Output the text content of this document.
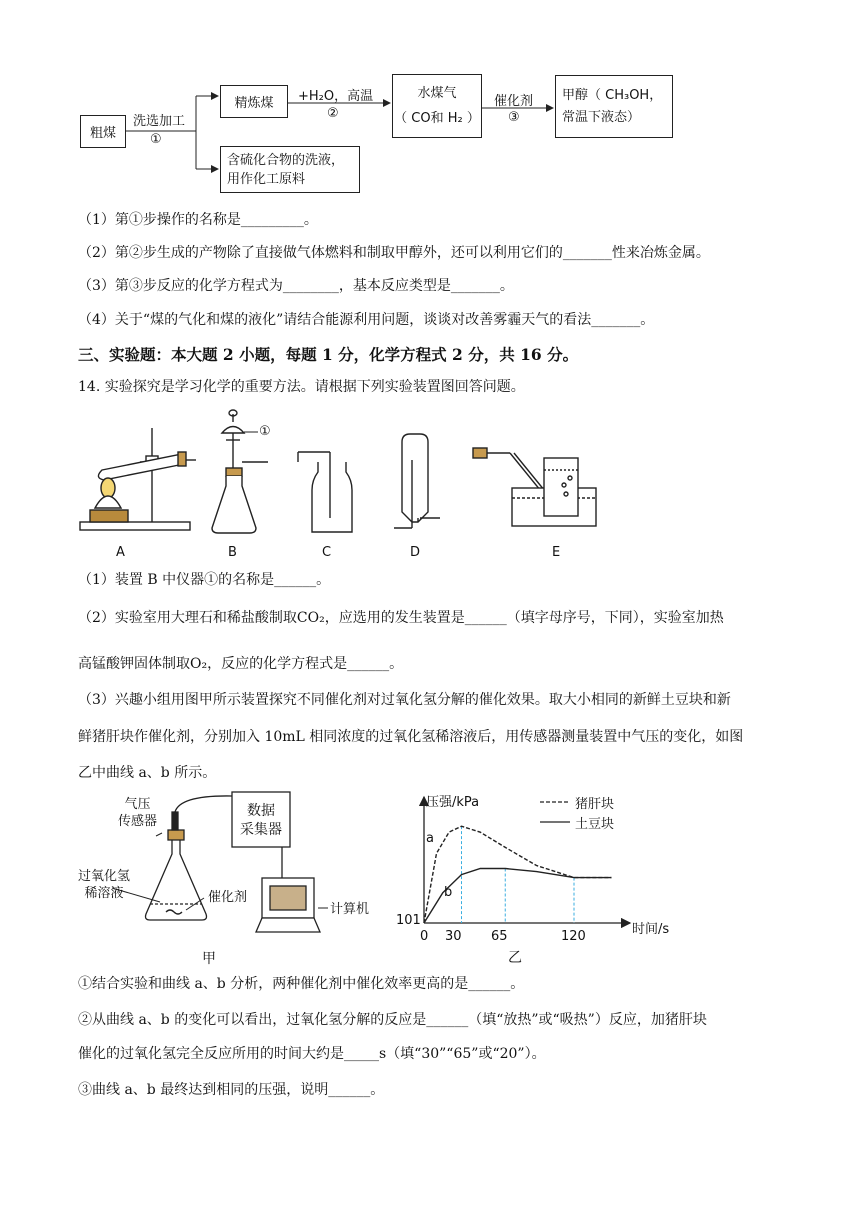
粗煤
洗选加工
①
精炼煤
含硫化合物的洗液，
用作化工原料
+H₂O，高温
②
水煤气
（ CO和 H₂ ）
催化剂
③
甲醇（ CH₃OH，
常温下液态）
（1）第①步操作的名称是_________。
（2）第②步生成的产物除了直接做气体燃料和制取甲醇外，还可以利用它们的_______性来冶炼金属。
（3）第③步反应的化学方程式为________，基本反应类型是_______。
（4）关于“煤的气化和煤的液化”请结合能源利用问题，谈谈对改善雾霾天气的看法_______。
三、实验题：本大题 2 小题，每题 1 分，化学方程式 2 分，共 16 分。
14. 实验探究是学习化学的重要方法。请根据下列实验装置图回答问题。
①
A	B	C	D	E
（1）装置 B 中仪器①的名称是______。
（2）实验室用大理石和稀盐酸制取CO₂，应选用的发生装置是______（填字母序号，下同），实验室加热
高锰酸钾固体制取O₂，反应的化学方程式是______。
（3）兴趣小组用图甲所示装置探究不同催化剂对过氧化氢分解的催化效果。取大小相同的新鲜土豆块和新
鲜猪肝块作催化剂，分别加入 10mL 相同浓度的过氧化氢稀溶液后，用传感器测量装置中气压的变化，如图
乙中曲线 a、b 所示。
气压
传感器
数据
采集器
过氧化氢
稀溶液	催化剂
计算机
甲
压强/kPa
时间/s
101
猪肝块
土豆块
a
b
0 30 65	120
乙
①结合实验和曲线 a、b 分析，两种催化剂中催化效率更高的是______。
②从曲线 a、b 的变化可以看出，过氧化氢分解的反应是______（填“放热”或“吸热”）反应，加猪肝块
催化的过氧化氢完全反应所用的时间大约是_____s（填“30”“65”或“20”）。
③曲线 a、b 最终达到相同的压强，说明______。
